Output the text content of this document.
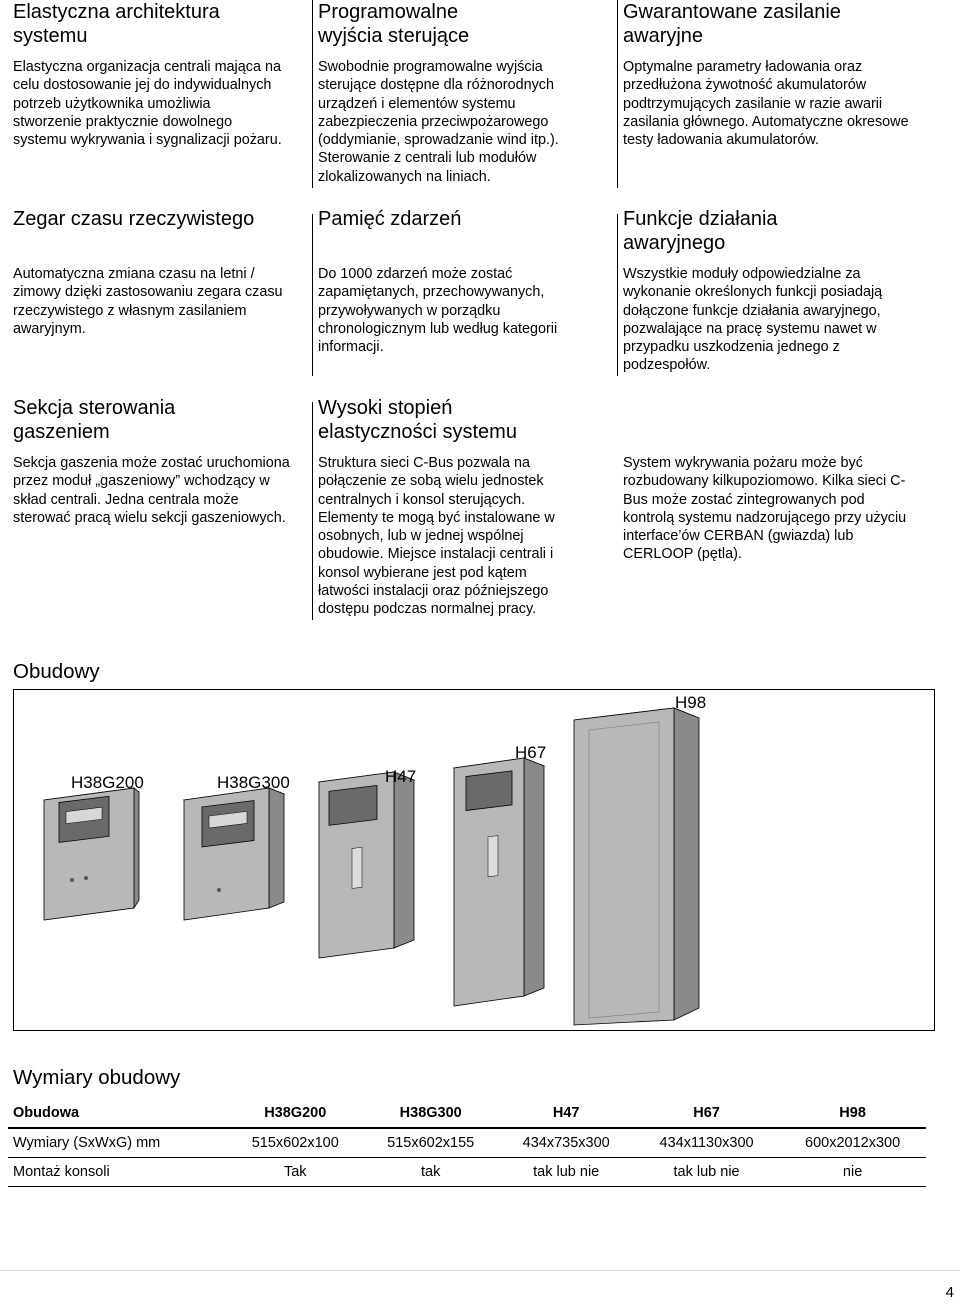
Elastyczna architektura systemu

Elastyczna organizacja centrali mająca na celu dostosowanie jej do indywidualnych potrzeb użytkownika umożliwia stworzenie praktycznie dowolnego systemu wykrywania i sygnalizacji pożaru.

Programowalne wyjścia sterujące

Swobodnie programowalne wyjścia sterujące dostępne dla różnorodnych urządzeń i elementów systemu zabezpieczenia przeciwpożarowego (oddymianie, sprowadzanie wind itp.). Sterowanie z centrali lub modułów zlokalizowanych na liniach.

Gwarantowane zasilanie awaryjne

Optymalne parametry ładowania oraz przedłużona żywotność akumulatorów podtrzymujących zasilanie w razie awarii zasilania głównego. Automatyczne okresowe testy ładowania akumulatorów.

Zegar czasu rzeczywistego

Automatyczna zmiana czasu na letni / zimowy dzięki zastosowaniu zegara czasu rzeczywistego z własnym zasilaniem awaryjnym.

Pamięć zdarzeń

Do 1000 zdarzeń może zostać zapamiętanych, przechowywanych, przywoływanych w porządku chronologicznym lub według kategorii informacji.

Funkcje działania awaryjnego

Wszystkie moduły odpowiedzialne za wykonanie określonych funkcji posiadają dołączone funkcje działania awaryjnego, pozwalające na pracę systemu nawet w przypadku uszkodzenia jednego z podzespołów.

Sekcja sterowania gaszeniem

Sekcja gaszenia może zostać uruchomiona przez moduł „gaszeniowy” wchodzący w skład centrali. Jedna centrala może sterować pracą wielu sekcji gaszeniowych.

Wysoki stopień elastyczności systemu

Struktura sieci C-Bus pozwala na połączenie ze sobą wielu jednostek centralnych i konsol sterujących. Elementy te mogą być instalowane w osobnych, lub w jednej wspólnej obudowie. Miejsce instalacji centrali i konsol wybierane jest pod kątem łatwości instalacji oraz późniejszego dostępu podczas normalnej pracy.

System wykrywania pożaru może być rozbudowany kilkupoziomowo. Kilka sieci C-Bus może zostać zintegrowanych pod kontrolą systemu nadzorującego przy użyciu interface’ów CERBAN (gwiazda) lub CERLOOP (pętla).

Obudowy
H38G200	H38G300	H47
H67
H98
Wymiary obudowy
Obudowa	H38G200	H38G300	H47	H67	H98
Wymiary (SxWxG) mm	515x602x100	515x602x155	434x735x300	434x1130x300	600x2012x300
Montaż konsoli	Tak	tak	tak lub nie	tak lub nie	nie
4
